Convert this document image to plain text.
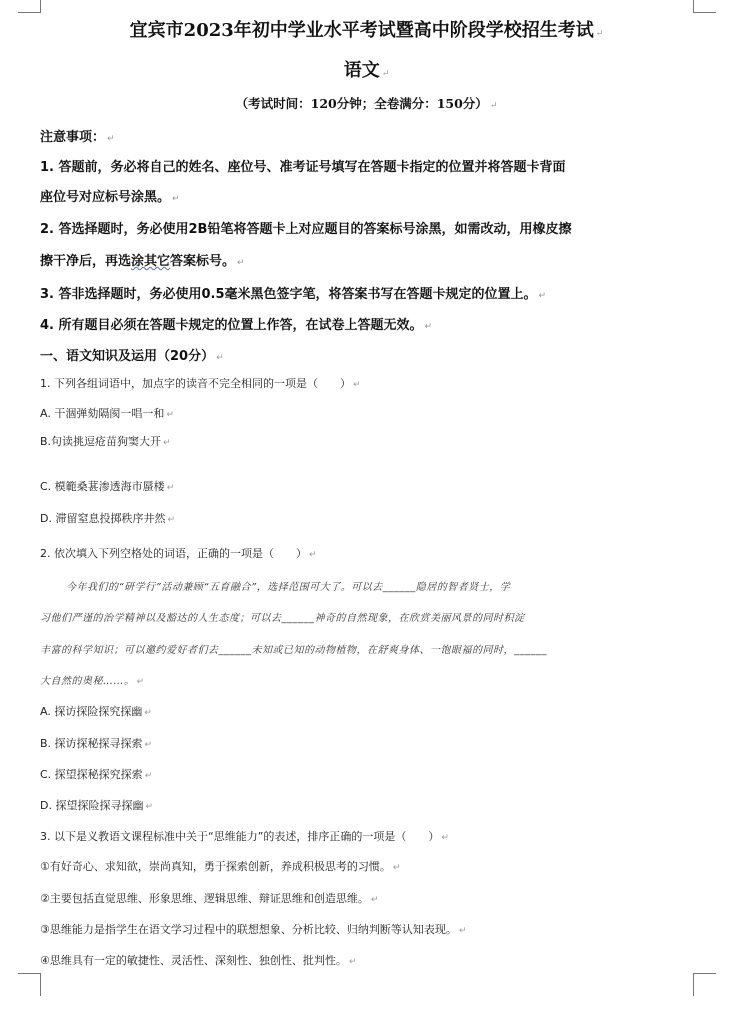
宜宾市2023年初中学业水平考试暨高中阶段学校招生考试 ↵
语文 ↵
（考试时间：120分钟；全卷满分：150分） ↵
注意事项： ↵
1. 答题前，务必将自己的姓名、座位号、准考证号填写在答题卡指定的位置并将答题卡背面
座位号对应标号涂黑。 ↵
2. 答选择题时，务必使用2B铅笔将答题卡上对应题目的答案标号涂黑，如需改动，用橡皮擦
擦干净后，再选涂其它答案标号。 ↵
3. 答非选择题时，务必使用0.5毫米黑色签字笔，将答案书写在答题卡规定的位置上。 ↵
4. 所有题目必须在答题卡规定的位置上作答，在试卷上答题无效。 ↵
一、语文知识及运用（20分） ↵
1. 下列各组词语中，加点字的读音不完全相同的一项是（　　） ↵
A. 干涸弹劾隔阂一唱一和 ↵
B.句读挑逗疮苗狗窦大开 ↵
C. 模範桑葚渗透海市蜃楼 ↵
D. 滞留窒息投掷秩序井然 ↵
2. 依次填入下列空格处的词语，正确的一项是（　　） ↵
今年我们的“研学行”活动兼顾“五育融合”，选择范围可大了。可以去______隐居的智者贤士，学
习他们严谨的治学精神以及豁达的人生态度；可以去______神奇的自然现象，在欣赏美丽风景的同时积淀
丰富的科学知识；可以邀约爱好者们去______未知或已知的动物植物，在舒爽身体、一饱眼福的同时，______
大自然的奥秘……。 ↵
A. 探访探险探究探幽 ↵
B. 探访探秘探寻探索 ↵
C. 探望探秘探究探索 ↵
D. 探望探险探寻探幽 ↵
3. 以下是义教语文课程标准中关于“思维能力”的表述，排序正确的一项是（　　） ↵
①有好奇心、求知欲，崇尚真知，勇于探索创新，养成积极思考的习惯。 ↵
②主要包括直觉思维、形象思维、逻辑思维、辩证思维和创造思维。 ↵
③思维能力是指学生在语文学习过程中的联想想象、分析比较、归纳判断等认知表现。 ↵
④思维具有一定的敏捷性、灵活性、深刻性、独创性、批判性。 ↵
